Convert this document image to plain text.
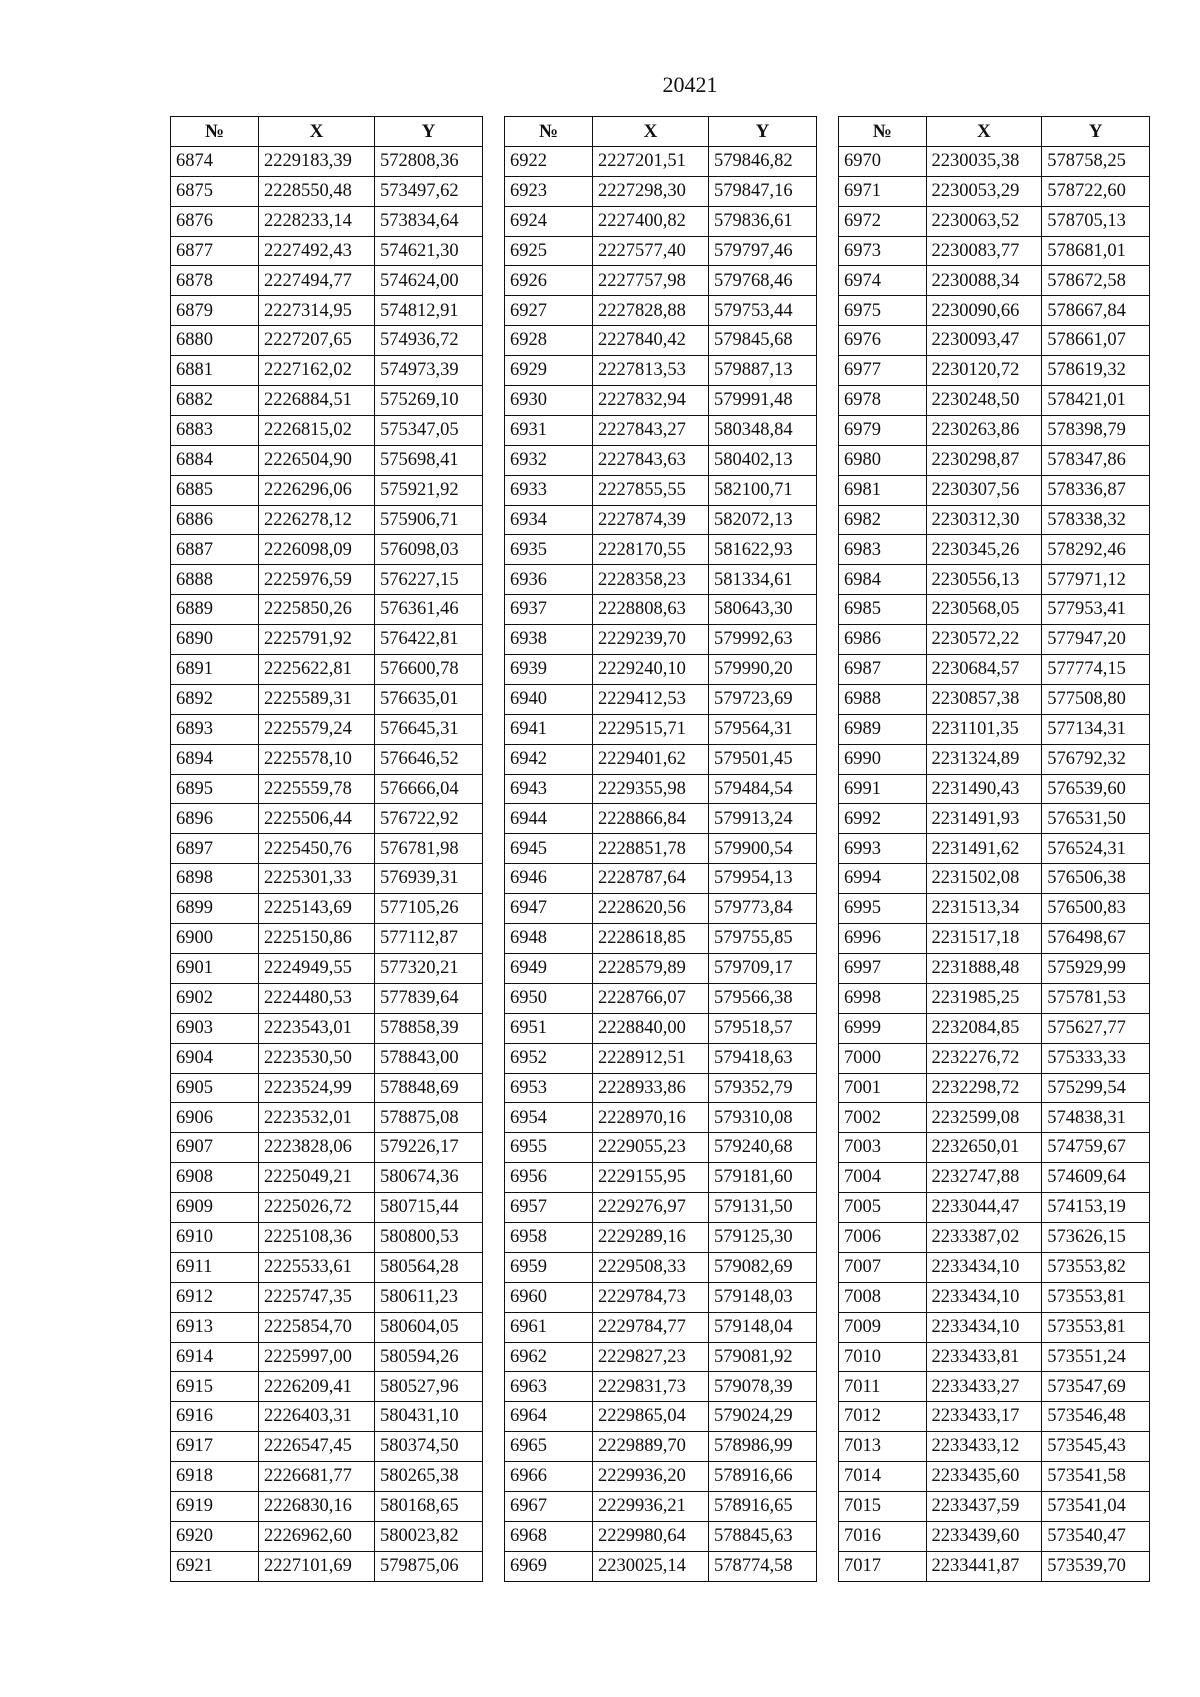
20421
№	X	Y
6874	2229183,39	572808,36
6875	2228550,48	573497,62
6876	2228233,14	573834,64
6877	2227492,43	574621,30
6878	2227494,77	574624,00
6879	2227314,95	574812,91
6880	2227207,65	574936,72
6881	2227162,02	574973,39
6882	2226884,51	575269,10
6883	2226815,02	575347,05
6884	2226504,90	575698,41
6885	2226296,06	575921,92
6886	2226278,12	575906,71
6887	2226098,09	576098,03
6888	2225976,59	576227,15
6889	2225850,26	576361,46
6890	2225791,92	576422,81
6891	2225622,81	576600,78
6892	2225589,31	576635,01
6893	2225579,24	576645,31
6894	2225578,10	576646,52
6895	2225559,78	576666,04
6896	2225506,44	576722,92
6897	2225450,76	576781,98
6898	2225301,33	576939,31
6899	2225143,69	577105,26
6900	2225150,86	577112,87
6901	2224949,55	577320,21
6902	2224480,53	577839,64
6903	2223543,01	578858,39
6904	2223530,50	578843,00
6905	2223524,99	578848,69
6906	2223532,01	578875,08
6907	2223828,06	579226,17
6908	2225049,21	580674,36
6909	2225026,72	580715,44
6910	2225108,36	580800,53
6911	2225533,61	580564,28
6912	2225747,35	580611,23
6913	2225854,70	580604,05
6914	2225997,00	580594,26
6915	2226209,41	580527,96
6916	2226403,31	580431,10
6917	2226547,45	580374,50
6918	2226681,77	580265,38
6919	2226830,16	580168,65
6920	2226962,60	580023,82
6921	2227101,69	579875,06
№	X	Y
6922	2227201,51	579846,82
6923	2227298,30	579847,16
6924	2227400,82	579836,61
6925	2227577,40	579797,46
6926	2227757,98	579768,46
6927	2227828,88	579753,44
6928	2227840,42	579845,68
6929	2227813,53	579887,13
6930	2227832,94	579991,48
6931	2227843,27	580348,84
6932	2227843,63	580402,13
6933	2227855,55	582100,71
6934	2227874,39	582072,13
6935	2228170,55	581622,93
6936	2228358,23	581334,61
6937	2228808,63	580643,30
6938	2229239,70	579992,63
6939	2229240,10	579990,20
6940	2229412,53	579723,69
6941	2229515,71	579564,31
6942	2229401,62	579501,45
6943	2229355,98	579484,54
6944	2228866,84	579913,24
6945	2228851,78	579900,54
6946	2228787,64	579954,13
6947	2228620,56	579773,84
6948	2228618,85	579755,85
6949	2228579,89	579709,17
6950	2228766,07	579566,38
6951	2228840,00	579518,57
6952	2228912,51	579418,63
6953	2228933,86	579352,79
6954	2228970,16	579310,08
6955	2229055,23	579240,68
6956	2229155,95	579181,60
6957	2229276,97	579131,50
6958	2229289,16	579125,30
6959	2229508,33	579082,69
6960	2229784,73	579148,03
6961	2229784,77	579148,04
6962	2229827,23	579081,92
6963	2229831,73	579078,39
6964	2229865,04	579024,29
6965	2229889,70	578986,99
6966	2229936,20	578916,66
6967	2229936,21	578916,65
6968	2229980,64	578845,63
6969	2230025,14	578774,58
№	X	Y
6970	2230035,38	578758,25
6971	2230053,29	578722,60
6972	2230063,52	578705,13
6973	2230083,77	578681,01
6974	2230088,34	578672,58
6975	2230090,66	578667,84
6976	2230093,47	578661,07
6977	2230120,72	578619,32
6978	2230248,50	578421,01
6979	2230263,86	578398,79
6980	2230298,87	578347,86
6981	2230307,56	578336,87
6982	2230312,30	578338,32
6983	2230345,26	578292,46
6984	2230556,13	577971,12
6985	2230568,05	577953,41
6986	2230572,22	577947,20
6987	2230684,57	577774,15
6988	2230857,38	577508,80
6989	2231101,35	577134,31
6990	2231324,89	576792,32
6991	2231490,43	576539,60
6992	2231491,93	576531,50
6993	2231491,62	576524,31
6994	2231502,08	576506,38
6995	2231513,34	576500,83
6996	2231517,18	576498,67
6997	2231888,48	575929,99
6998	2231985,25	575781,53
6999	2232084,85	575627,77
7000	2232276,72	575333,33
7001	2232298,72	575299,54
7002	2232599,08	574838,31
7003	2232650,01	574759,67
7004	2232747,88	574609,64
7005	2233044,47	574153,19
7006	2233387,02	573626,15
7007	2233434,10	573553,82
7008	2233434,10	573553,81
7009	2233434,10	573553,81
7010	2233433,81	573551,24
7011	2233433,27	573547,69
7012	2233433,17	573546,48
7013	2233433,12	573545,43
7014	2233435,60	573541,58
7015	2233437,59	573541,04
7016	2233439,60	573540,47
7017	2233441,87	573539,70
